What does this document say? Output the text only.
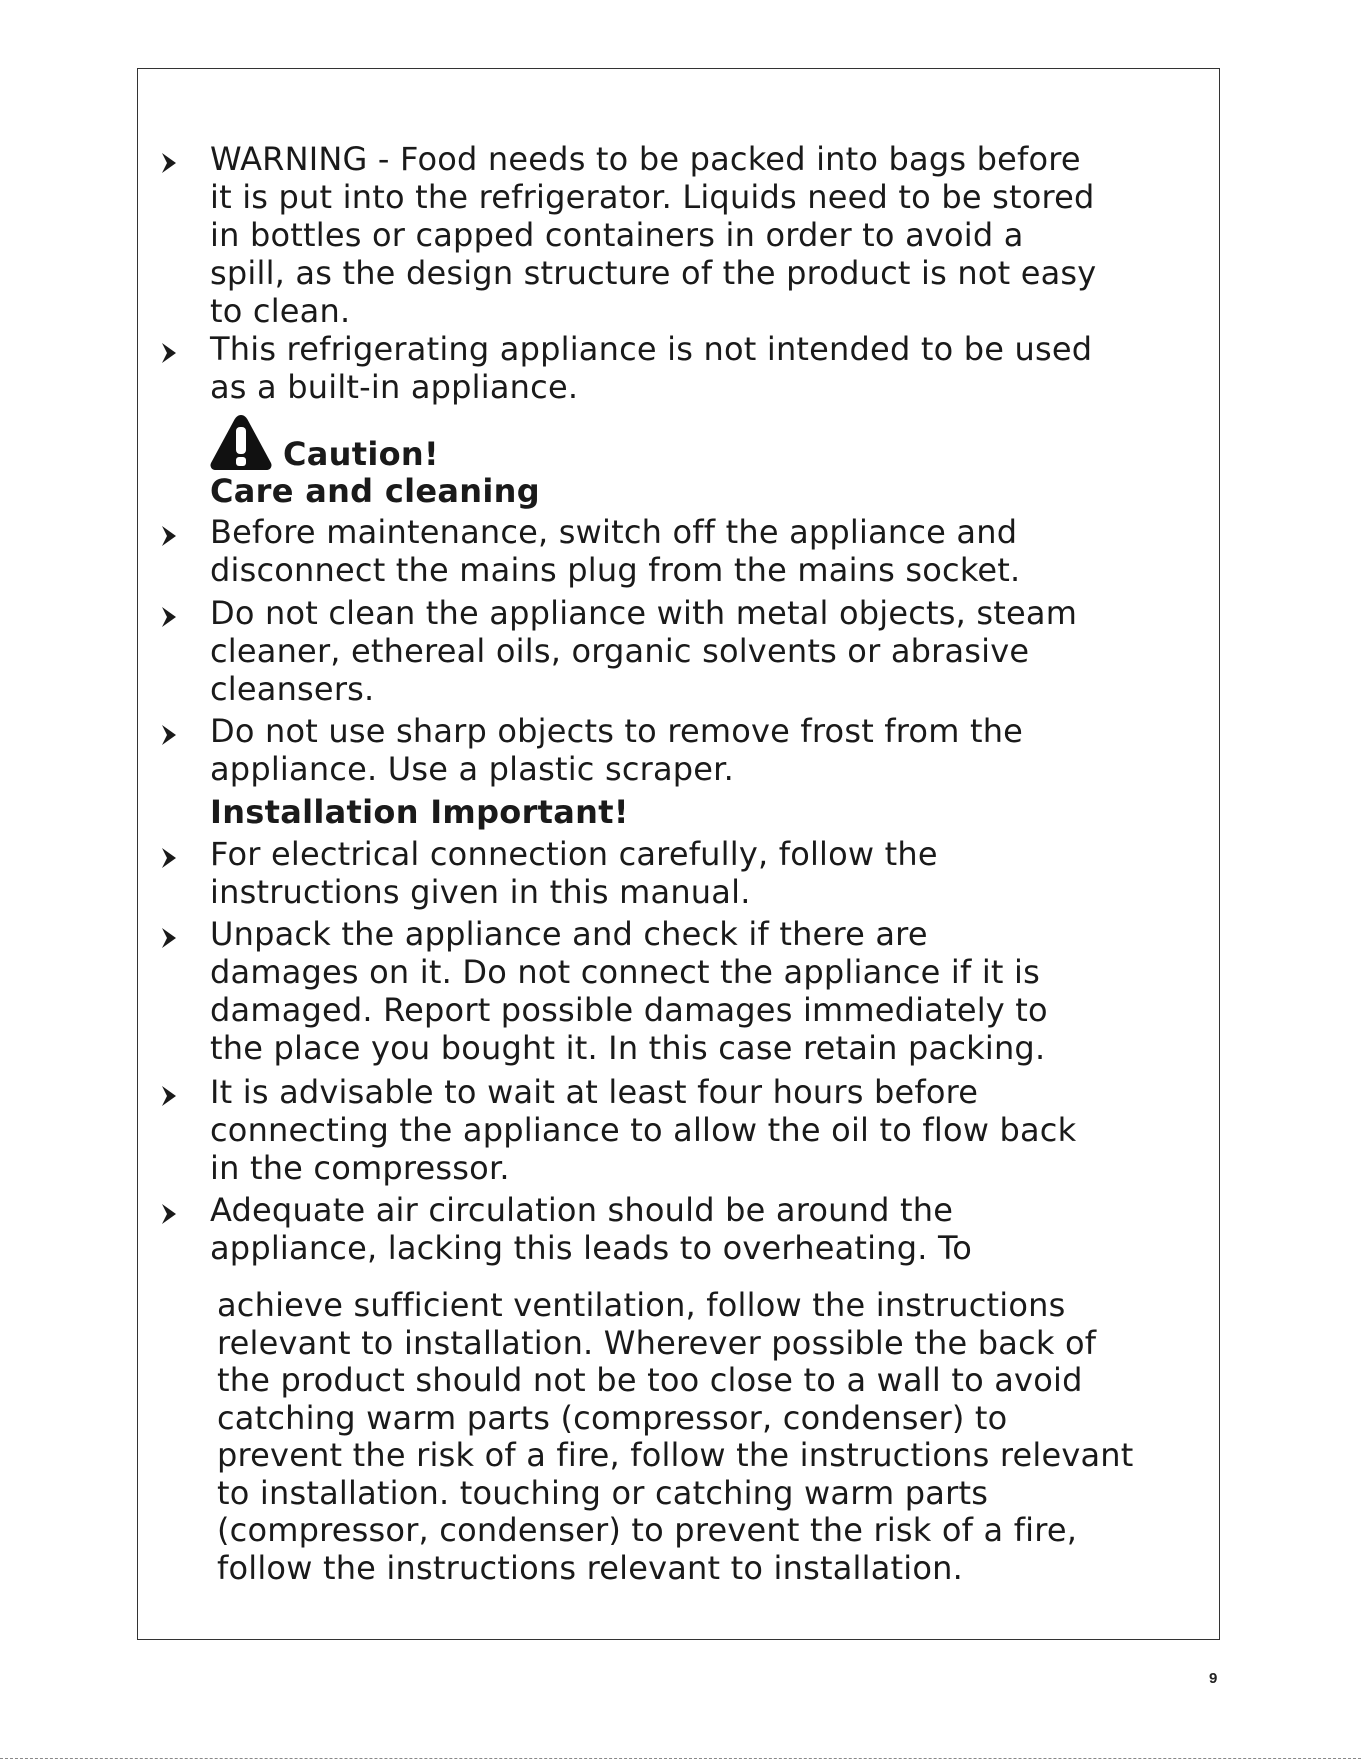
WARNING - Food needs to be packed into bags before
it is put into the refrigerator. Liquids need to be stored
in bottles or capped containers in order to avoid a
spill, as the design structure of the product is not easy
to clean.
This refrigerating appliance is not intended to be used
as a built-in appliance.
Caution!
Care and cleaning
Before maintenance, switch off the appliance and
disconnect the mains plug from the mains socket.
Do not clean the appliance with metal objects, steam
cleaner, ethereal oils, organic solvents or abrasive
cleansers.
Do not use sharp objects to remove frost from the
appliance. Use a plastic scraper.
Installation Important!
For electrical connection carefully, follow the
instructions given in this manual.
Unpack the appliance and check if there are
damages on it. Do not connect the appliance if it is
damaged. Report possible damages immediately to
the place you bought it. In this case retain packing.
It is advisable to wait at least four hours before
connecting the appliance to allow the oil to flow back
in the compressor.
Adequate air circulation should be around the
appliance, lacking this leads to overheating. To
achieve sufficient ventilation, follow the instructions
relevant to installation. Wherever possible the back of
the product should not be too close to a wall to avoid
catching warm parts (compressor, condenser) to
prevent the risk of a fire, follow the instructions relevant
to installation. touching or catching warm parts
(compressor, condenser) to prevent the risk of a fire,
follow the instructions relevant to installation.
9
